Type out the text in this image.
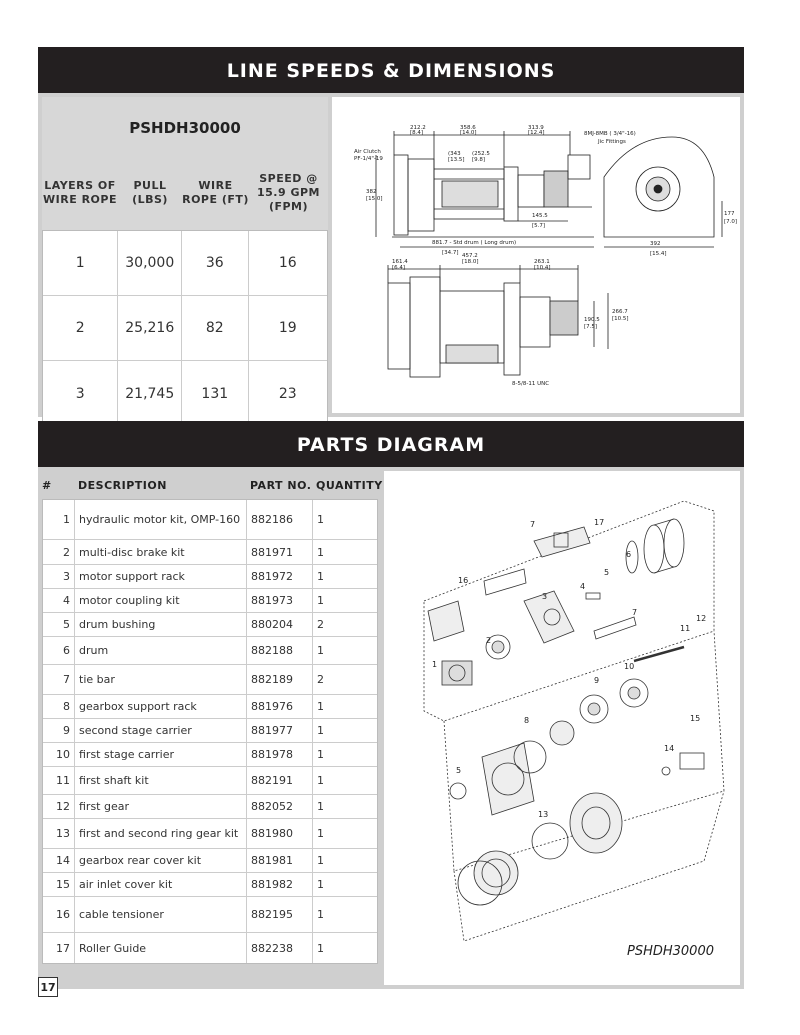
LINE SPEEDS & DIMENSIONS
PSHDH30000
LAYERS OF WIRE ROPE
PULL (LBS)
WIRE ROPE (FT)
SPEED @ 15.9 GPM (FPM)
1	30,000	36	16
2	25,216	82	19
3	21,745	131	23
212.2
[8.4]
358.6
[14.0]
313.9
[12.4]	8MJ-8MB ( 3/4"-16)
Jic Fittings
Air Clutch
PF-1/4"-19
382
[15.0]
[13.5]
(343
[9.8]
(252.5
145.5
[5.7]
881.7 - Std drum ( Long drum)
[34.7]
177
[7.0]
392
[15.4]
161.4
[6.4]
457.2
[18.0]	263.1
[10.4]
190.5
[7.5]
266.7
[10.5]
8-5/8-11 UNC
PARTS DIAGRAM
#	DESCRIPTION	PART NO. QUANTITY
1 hydraulic motor kit, OMP-160 882186	1
2 multi-disc brake kit	881971	1
3 motor support rack	881972	1
4 motor coupling kit	881973	1
5 drum bushing	880204	2
6 drum	882188	1
7 tie bar	882189	2
8 gearbox support rack	881976	1
9 second stage carrier	881977	1
10 first stage carrier	881978	1
11 first shaft kit	882191	1
12 first gear	882052	1
13 first and second ring gear kit	881980	1
14 gearbox rear cover kit	881981	1
15 air inlet cover kit	881982	1
16 cable tensioner	882195	1
17 Roller Guide	882238	1
17
7
6
16
5
3
4
7
11
12
2
1	10
9
8	15
14
5
13
PSHDH30000
17
